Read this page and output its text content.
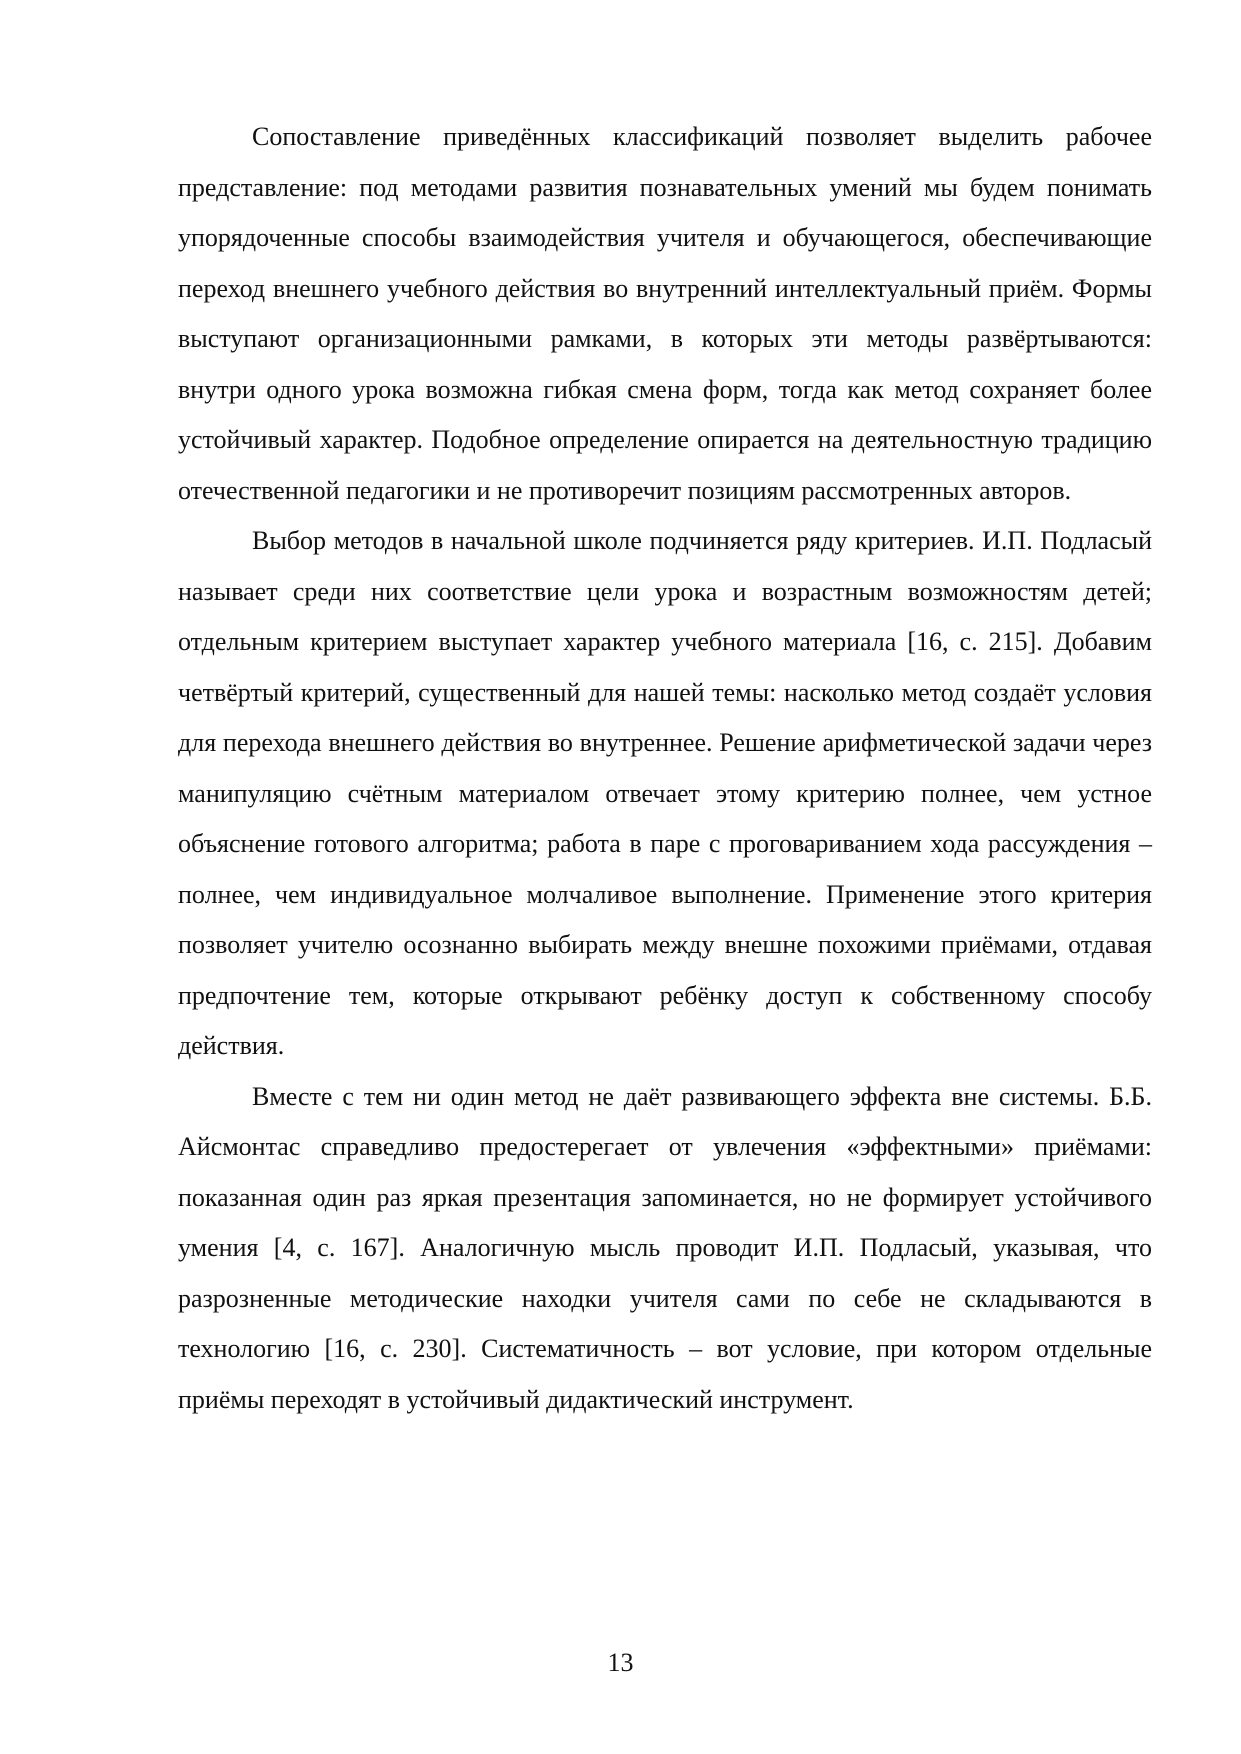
Сопоставление приведённых классификаций позволяет выделить рабочее представление: под методами развития познавательных умений мы будем понимать упорядоченные способы взаимодействия учителя и обучающегося, обеспечивающие переход внешнего учебного действия во внутренний интеллектуальный приём. Формы выступают организационными рамками, в которых эти методы развёртываются: внутри одного урока возможна гибкая смена форм, тогда как метод сохраняет более устойчивый характер. Подобное определение опирается на деятельностную традицию отечественной педагогики и не противоречит позициям рассмотренных авторов.

Выбор методов в начальной школе подчиняется ряду критериев. И.П. Подласый называет среди них соответствие цели урока и возрастным возможностям детей; отдельным критерием выступает характер учебного материала [16, с. 215]. Добавим четвёртый критерий, существенный для нашей темы: насколько метод создаёт условия для перехода внешнего действия во внутреннее. Решение арифметической задачи через манипуляцию счётным материалом отвечает этому критерию полнее, чем устное объяснение готового алгоритма; работа в паре с проговариванием хода рассуждения – полнее, чем индивидуальное молчаливое выполнение. Применение этого критерия позволяет учителю осознанно выбирать между внешне похожими приёмами, отдавая предпочтение тем, которые открывают ребёнку доступ к собственному способу действия.

Вместе с тем ни один метод не даёт развивающего эффекта вне системы. Б.Б. Айсмонтас справедливо предостерегает от увлечения «эффектными» приёмами: показанная один раз яркая презентация запоминается, но не формирует устойчивого умения [4, с. 167]. Аналогичную мысль проводит И.П. Подласый, указывая, что разрозненные методические находки учителя сами по себе не складываются в технологию [16, с. 230]. Систематичность – вот условие, при котором отдельные приёмы переходят в устойчивый дидактический инструмент.

13
